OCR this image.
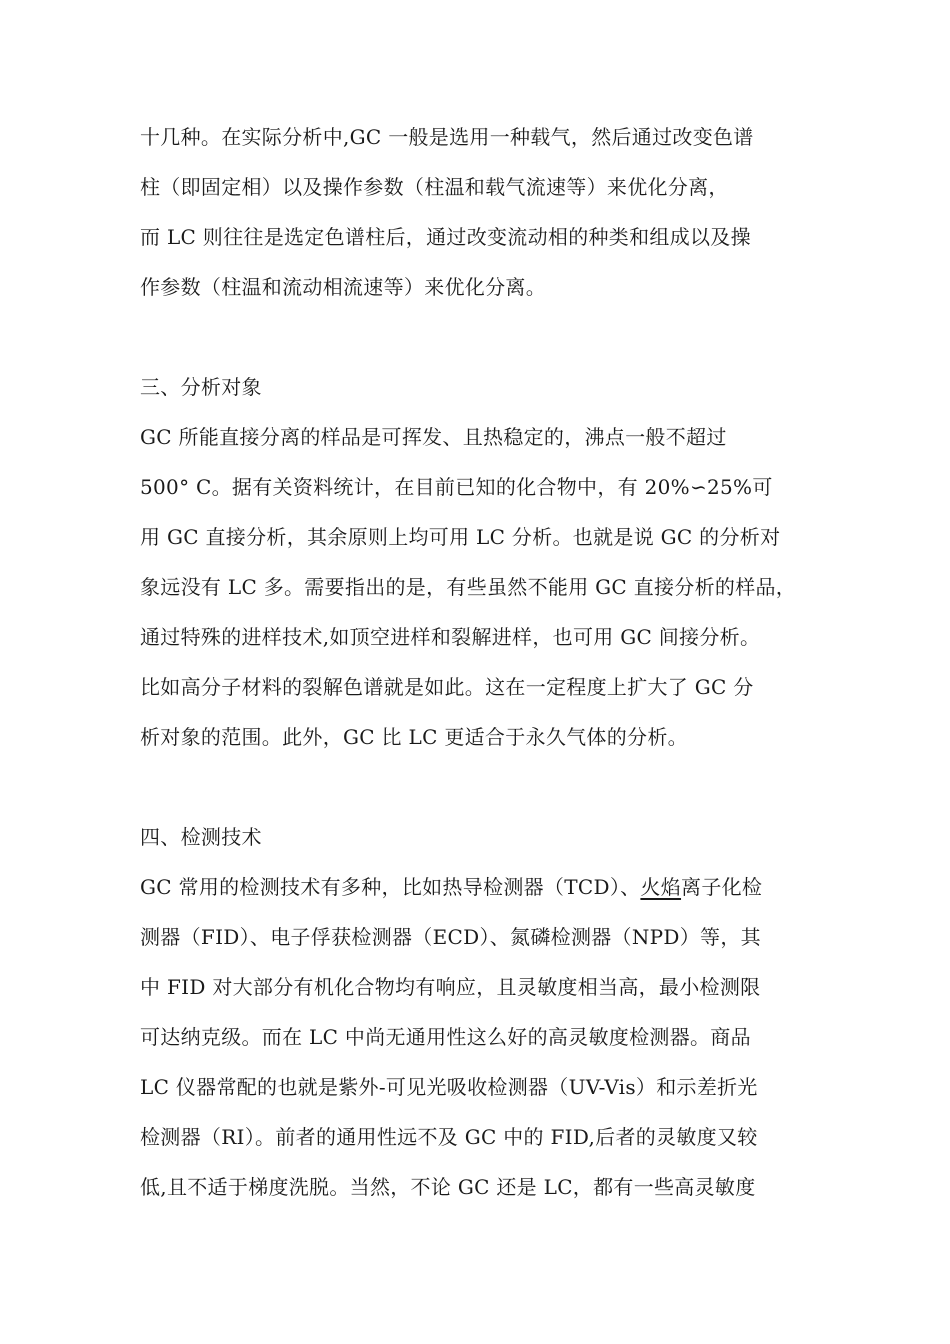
十几种。在实际分析中,GC 一般是选用一种载气，然后通过改变色谱
柱（即固定相）以及操作参数（柱温和载气流速等）来优化分离，
而 LC 则往往是选定色谱柱后，通过改变流动相的种类和组成以及操
作参数（柱温和流动相流速等）来优化分离。
三、分析对象
GC 所能直接分离的样品是可挥发、且热稳定的，沸点一般不超过
500° C。据有关资料统计，在目前已知的化合物中，有 20%∽25%可
用 GC 直接分析，其余原则上均可用 LC 分析。也就是说 GC 的分析对
象远没有 LC 多。需要指出的是，有些虽然不能用 GC 直接分析的样品，
通过特殊的进样技术,如顶空进样和裂解进样，也可用 GC 间接分析。
比如高分子材料的裂解色谱就是如此。这在一定程度上扩大了 GC 分
析对象的范围。此外，GC 比 LC 更适合于永久气体的分析。
四、检测技术
GC 常用的检测技术有多种，比如热导检测器（TCD）、火焰离子化检
测器（FID）、电子俘获检测器（ECD）、氮磷检测器（NPD）等，其
中 FID 对大部分有机化合物均有响应，且灵敏度相当高，最小检测限
可达纳克级。而在 LC 中尚无通用性这么好的高灵敏度检测器。商品
LC 仪器常配的也就是紫外-可见光吸收检测器（UV-Vis）和示差折光
检测器（RI）。前者的通用性远不及 GC 中的 FID,后者的灵敏度又较
低,且不适于梯度洗脱。当然，不论 GC 还是 LC，都有一些高灵敏度
